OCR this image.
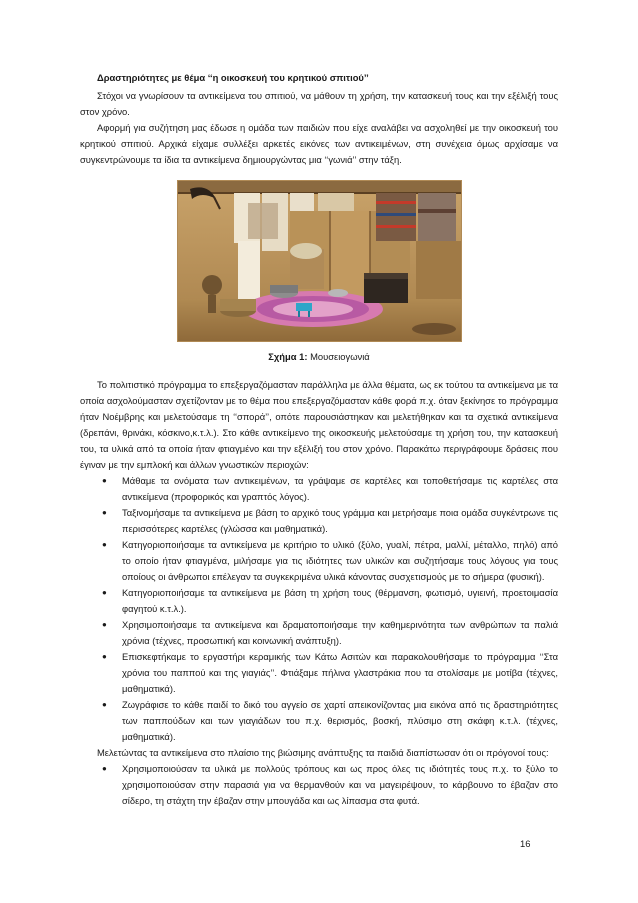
Δραστηριότητες με θέμα ‘‘η οικοσκευή του κρητικού σπιτιού’’

Στόχοι να γνωρίσουν τα αντικείμενα του σπιτιού, να μάθουν τη χρήση, την κατασκευή τους και την εξέλιξή τους στον χρόνο.

Αφορμή για συζήτηση μας έδωσε η ομάδα των παιδιών που είχε αναλάβει να ασχοληθεί με την οικοσκευή του κρητικού σπιτιού. Αρχικά είχαμε συλλέξει αρκετές εικόνες των αντικειμένων, στη συνέχεια όμως αρχίσαμε να συγκεντρώνουμε τα ίδια τα αντικείμενα δημιουργώντας μια ‘‘γωνιά’’ στην τάξη.

Σχήμα 1: Μουσειογωνιά

Το πολιτιστικό πρόγραμμα το επεξεργαζόμασταν παράλληλα με άλλα θέματα, ως εκ τούτου τα αντικείμενα με τα οποία ασχολούμασταν σχετίζονταν με το θέμα που επεξεργαζόμασταν κάθε φορά π.χ. όταν ξεκίνησε το πρόγραμμα ήταν Νοέμβρης και μελετούσαμε τη ‘‘σπορά’’, οπότε παρουσιάστηκαν και μελετήθηκαν και τα σχετικά αντικείμενα (δρεπάνι, θρινάκι, κόσκινο,κ.τ.λ.). Στο κάθε αντικείμενο της οικοσκευής μελετούσαμε τη χρήση του, την κατασκευή του, τα υλικά από τα οποία ήταν φτιαγμένο και την εξέλιξή του στον χρόνο. Παρακάτω περιγράφουμε δράσεις που έγιναν με την εμπλοκή και άλλων γνωστικών περιοχών:

● Μάθαμε τα ονόματα των αντικειμένων, τα γράψαμε σε καρτέλες και τοποθετήσαμε τις καρτέλες στα αντικείμενα (προφορικός και γραπτός λόγος).
● Ταξινομήσαμε τα αντικείμενα με βάση το αρχικό τους γράμμα και μετρήσαμε ποια ομάδα συγκέντρωνε τις περισσότερες καρτέλες (γλώσσα και μαθηματικά).
● Κατηγοριοποιήσαμε τα αντικείμενα με κριτήριο το υλικό (ξύλο, γυαλί, πέτρα, μαλλί, μέταλλο, πηλό) από το οποίο ήταν φτιαγμένα, μιλήσαμε για τις ιδιότητες των υλικών και συζητήσαμε τους λόγους για τους οποίους οι άνθρωποι επέλεγαν τα συγκεκριμένα υλικά κάνοντας συσχετισμούς με το σήμερα (φυσική).
● Κατηγοριοποιήσαμε τα αντικείμενα με βάση τη χρήση τους (θέρμανση, φωτισμό, υγιεινή, προετοιμασία φαγητού κ.τ.λ.).
● Χρησιμοποιήσαμε τα αντικείμενα και δραματοποιήσαμε την καθημερινότητα των ανθρώπων τα παλιά χρόνια (τέχνες, προσωπική και κοινωνική ανάπτυξη).
● Επισκεφτήκαμε το εργαστήρι κεραμικής των Κάτω Ασιτών και παρακολουθήσαμε το πρόγραμμα ‘‘Στα χρόνια του παππού και της γιαγιάς’’. Φτιάξαμε πήλινα γλαστράκια που τα στολίσαμε με μοτίβα (τέχνες, μαθηματικά).
● Ζωγράφισε το κάθε παιδί το δικό του αγγείο σε χαρτί απεικονίζοντας μια εικόνα από τις δραστηριότητες των παππούδων και των γιαγιάδων του π.χ. θερισμός, βοσκή, πλύσιμο στη σκάφη κ.τ.λ. (τέχνες, μαθηματικά).

Μελετώντας τα αντικείμενα στο πλαίσιο της βιώσιμης ανάπτυξης τα παιδιά διαπίστωσαν ότι οι πρόγονοί τους:

● Χρησιμοποιούσαν τα υλικά με πολλούς τρόπους και ως προς όλες τις ιδιότητές τους π.χ. το ξύλο το χρησιμοποιούσαν στην παρασιά για να θερμανθούν και να μαγειρέψουν, το κάρβουνο το έβαζαν στο σίδερο, τη στάχτη την έβαζαν στην μπουγάδα και ως λίπασμα στα φυτά.
16
